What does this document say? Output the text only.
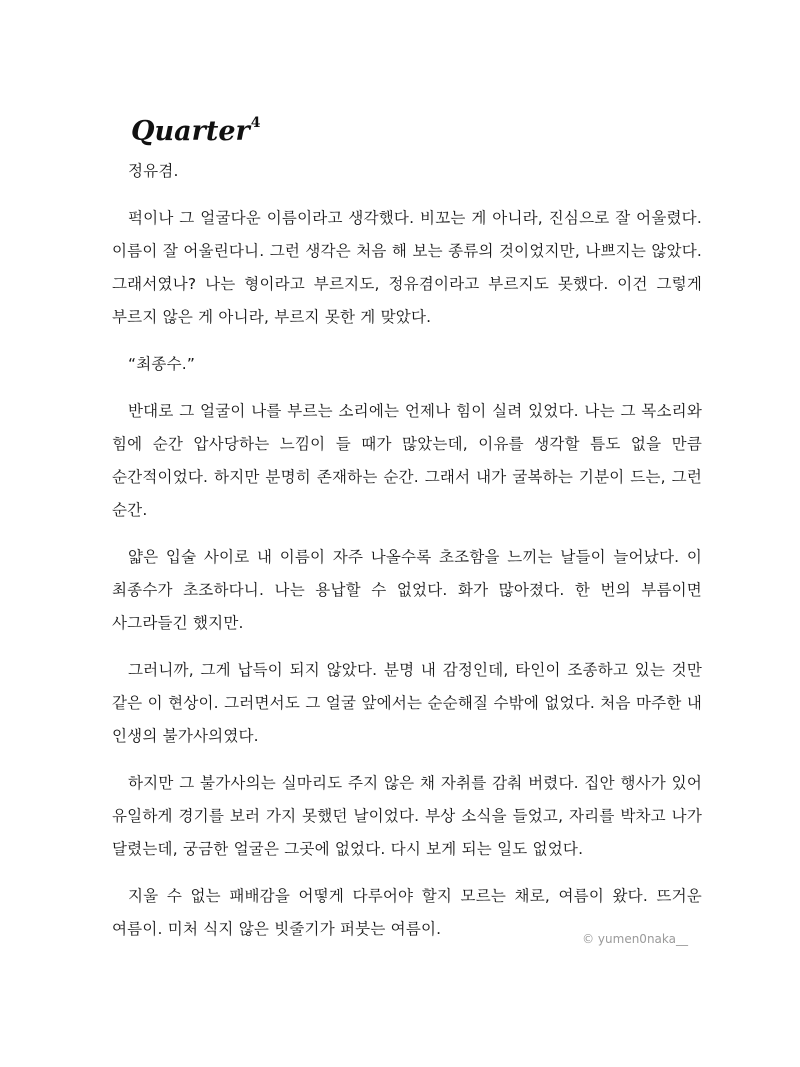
Quarter$^4$

정유겸.

퍽이나 그 얼굴다운 이름이라고 생각했다. 비꼬는 게 아니라, 진심으로 잘 어울렸다. 이름이 잘 어울린다니. 그런 생각은 처음 해 보는 종류의 것이었지만, 나쁘지는 않았다. 그래서였나? 나는 형이라고 부르지도, 정유겸이라고 부르지도 못했다. 이건 그렇게 부르지 않은 게 아니라, 부르지 못한 게 맞았다.

“최종수.”

반대로 그 얼굴이 나를 부르는 소리에는 언제나 힘이 실려 있었다. 나는 그 목소리와 힘에 순간 압사당하는 느낌이 들 때가 많았는데, 이유를 생각할 틈도 없을 만큼 순간적이었다. 하지만 분명히 존재하는 순간. 그래서 내가 굴복하는 기분이 드는, 그런 순간.

얇은 입술 사이로 내 이름이 자주 나올수록 초조함을 느끼는 날들이 늘어났다. 이 최종수가 초조하다니. 나는 용납할 수 없었다. 화가 많아졌다. 한 번의 부름이면 사그라들긴 했지만.

그러니까, 그게 납득이 되지 않았다. 분명 내 감정인데, 타인이 조종하고 있는 것만 같은 이 현상이. 그러면서도 그 얼굴 앞에서는 순순해질 수밖에 없었다. 처음 마주한 내 인생의 불가사의였다.

하지만 그 불가사의는 실마리도 주지 않은 채 자취를 감춰 버렸다. 집안 행사가 있어 유일하게 경기를 보러 가지 못했던 날이었다. 부상 소식을 들었고, 자리를 박차고 나가 달렸는데, 궁금한 얼굴은 그곳에 없었다. 다시 보게 되는 일도 없었다.

지울 수 없는 패배감을 어떻게 다루어야 할지 모르는 채로, 여름이 왔다. 뜨거운 여름이. 미처 식지 않은 빗줄기가 퍼붓는 여름이.

© yumen0naka__
